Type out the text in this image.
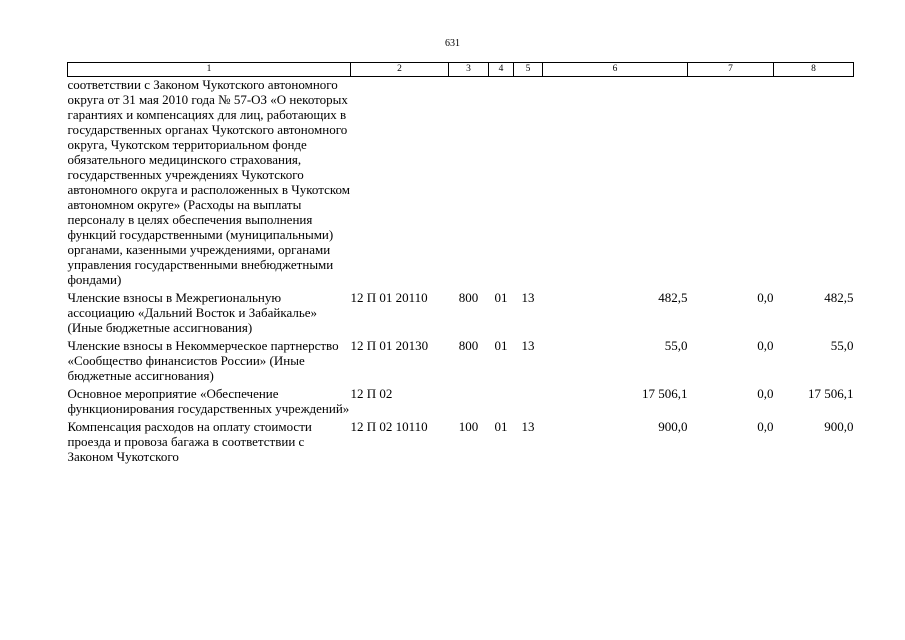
631
1	2	3	4	5	6	7	8
соответствии с Законом Чукотского автономного округа от 31 мая 2010 года № 57-ОЗ «О некоторых гарантиях и компенсациях для лиц, работающих в государственных органах Чукотского автономного округа, Чукотском территориальном фонде обязательного медицинского страхования, государственных учреждениях Чукотского автономного округа и расположенных в Чукотском автономном округе» (Расходы на выплаты персоналу в целях обеспечения выполнения функций государственными (муниципальными) органами, казенными учреждениями, органами управления государственными внебюджетными фондами)							
Членские взносы в Межрегиональную ассоциацию «Дальний Восток и Забайкалье» (Иные бюджетные ассигнования)	12 П 01 20110	800	01	13	482,5	0,0	482,5
Членские взносы в Некоммерческое партнерство «Сообщество финансистов России» (Иные бюджетные ассигнования)	12 П 01 20130	800	01	13	55,0	0,0	55,0
Основное мероприятие «Обеспечение функционирования государственных учреждений»	12 П 02				17 506,1	0,0	17 506,1
Компенсация расходов на оплату стоимости проезда и провоза багажа в соответствии с Законом Чукотского	12 П 02 10110	100	01	13	900,0	0,0	900,0
